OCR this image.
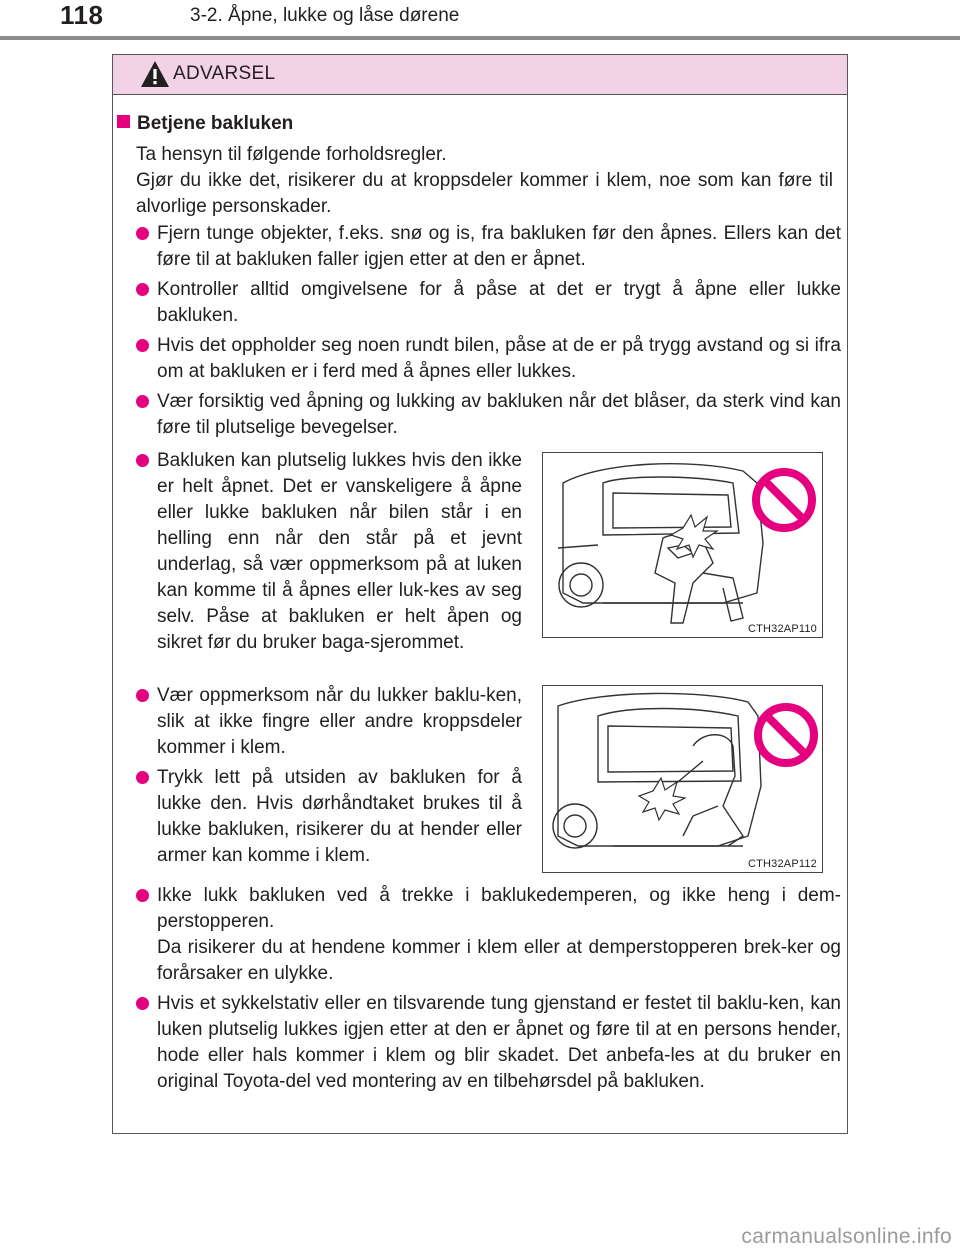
118	3-2. Åpne, lukke og låse dørene
ADVARSEL
Betjene bakluken
Ta hensyn til følgende forholdsregler.
Gjør du ikke det, risikerer du at kroppsdeler kommer i klem, noe som kan føre til alvorlige personskader.
Fjern tunge objekter, f.eks. snø og is, fra bakluken før den åpnes. Ellers kan det føre til at bakluken faller igjen etter at den er åpnet.
Kontroller alltid omgivelsene for å påse at det er trygt å åpne eller lukke bakluken.
Hvis det oppholder seg noen rundt bilen, påse at de er på trygg avstand og si ifra om at bakluken er i ferd med å åpnes eller lukkes.
Vær forsiktig ved åpning og lukking av bakluken når det blåser, da sterk vind kan føre til plutselige bevegelser.
Bakluken kan plutselig lukkes hvis den ikke er helt åpnet. Det er vanskeligere å åpne eller lukke bakluken når bilen står i en helling enn når den står på et jevnt underlag, så vær oppmerksom på at luken kan komme til å åpnes eller luk-kes av seg selv. Påse at bakluken er helt åpen og sikret før du bruker baga-sjerommet.
CTH32AP110
Vær oppmerksom når du lukker baklu-ken, slik at ikke fingre eller andre kroppsdeler kommer i klem.
Trykk lett på utsiden av bakluken for å lukke den. Hvis dørhåndtaket brukes til å lukke bakluken, risikerer du at hender eller armer kan komme i klem.	CTH32AP112
Ikke lukk bakluken ved å trekke i baklukedemperen, og ikke heng i dem-perstopperen.
Da risikerer du at hendene kommer i klem eller at demperstopperen brek-ker og forårsaker en ulykke.
Hvis et sykkelstativ eller en tilsvarende tung gjenstand er festet til baklu-ken, kan luken plutselig lukkes igjen etter at den er åpnet og føre til at en persons hender, hode eller hals kommer i klem og blir skadet. Det anbefa-les at du bruker en original Toyota-del ved montering av en tilbehørsdel på bakluken.
carmanualsonline.info
